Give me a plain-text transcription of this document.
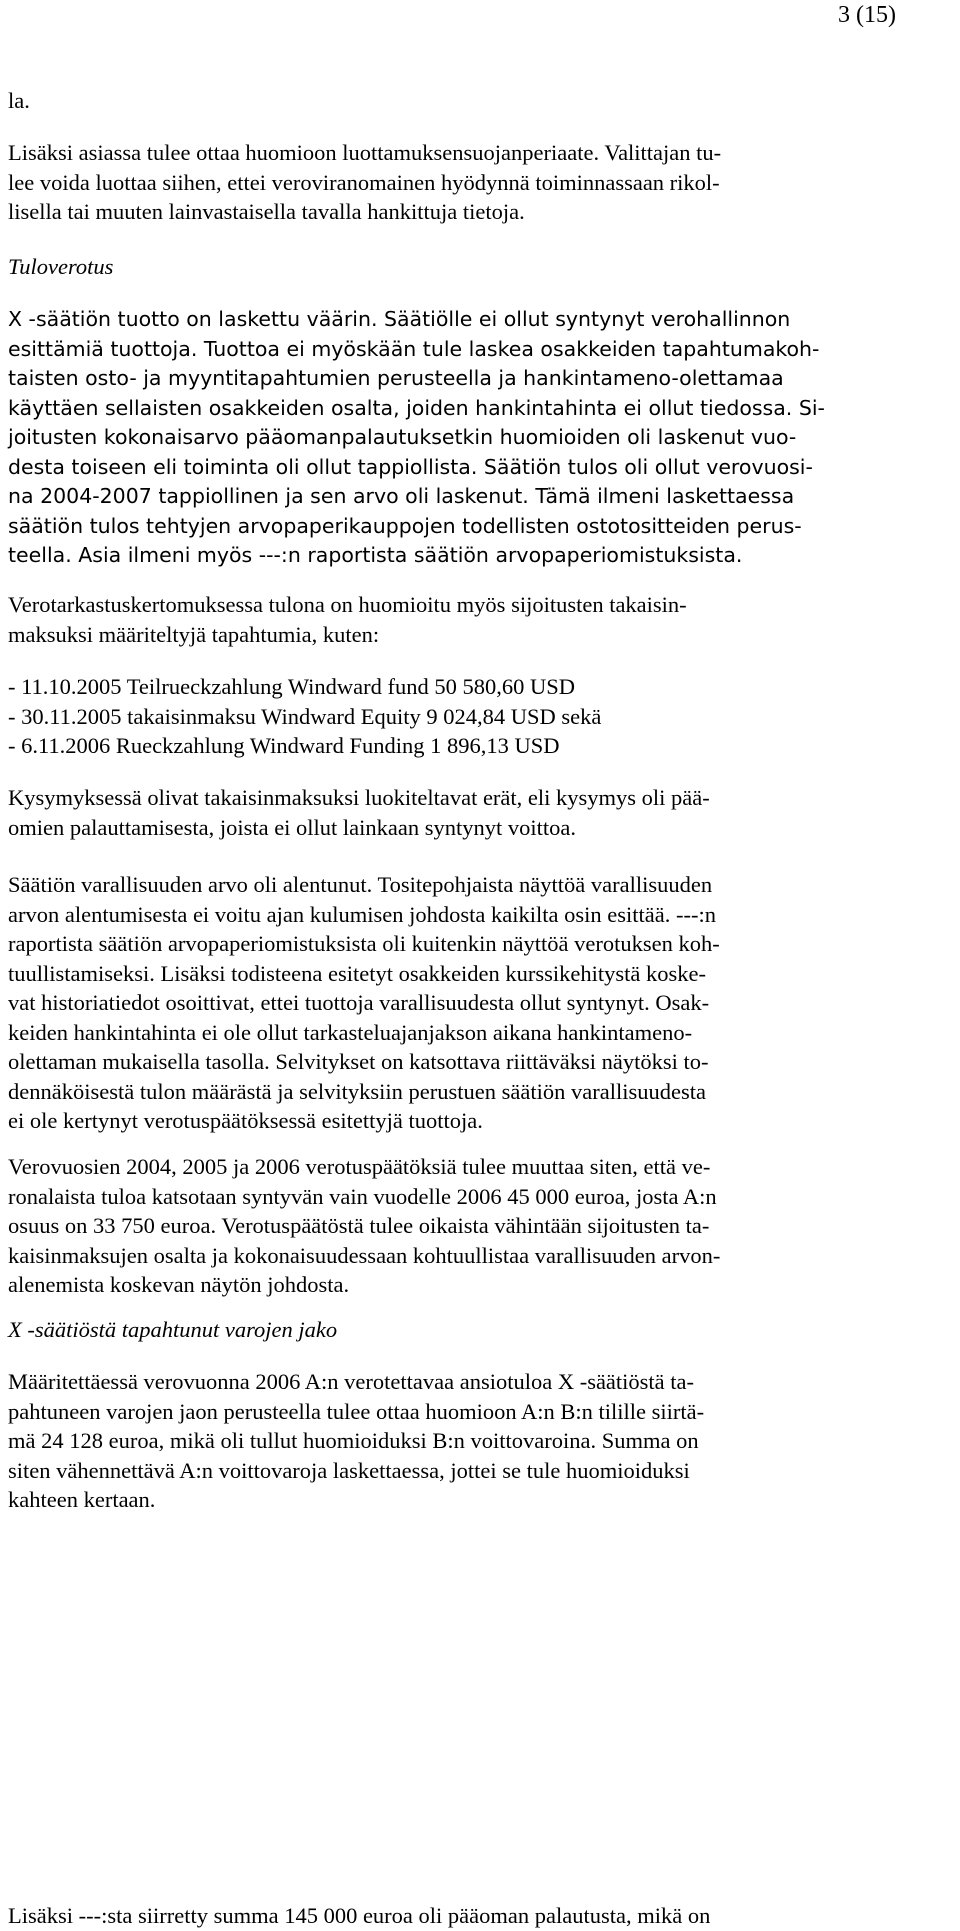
3 (15)
la.
Lisäksi asiassa tulee ottaa huomioon luottamuksensuojanperiaate. Valittajan tu-
lee voida luottaa siihen, ettei veroviranomainen hyödynnä toiminnassaan rikol-
lisella tai muuten lainvastaisella tavalla hankittuja tietoja.
Tuloverotus
X -säätiön tuotto on laskettu väärin. Säätiölle ei ollut syntynyt verohallinnon
esittämiä tuottoja. Tuottoa ei myöskään tule laskea osakkeiden tapahtumakoh-
taisten osto- ja myyntitapahtumien perusteella ja hankintameno-olettamaa
käyttäen sellaisten osakkeiden osalta, joiden hankintahinta ei ollut tiedossa. Si-
joitusten kokonaisarvo pääomanpalautuksetkin huomioiden oli laskenut vuo-
desta toiseen eli toiminta oli ollut tappiollista. Säätiön tulos oli ollut verovuosi-
na 2004-2007 tappiollinen ja sen arvo oli laskenut. Tämä ilmeni laskettaessa
säätiön tulos tehtyjen arvopaperikauppojen todellisten ostotositteiden perus-
teella. Asia ilmeni myös ---:n raportista säätiön arvopaperiomistuksista.
Verotarkastuskertomuksessa tulona on huomioitu myös sijoitusten takaisin-
maksuksi määriteltyjä tapahtumia, kuten:
- 11.10.2005 Teilrueckzahlung Windward fund 50 580,60 USD
- 30.11.2005 takaisinmaksu Windward Equity 9 024,84 USD sekä
- 6.11.2006 Rueckzahlung Windward Funding 1 896,13 USD
Kysymyksessä olivat takaisinmaksuksi luokiteltavat erät, eli kysymys oli pää-
omien palauttamisesta, joista ei ollut lainkaan syntynyt voittoa.
Säätiön varallisuuden arvo oli alentunut. Tositepohjaista näyttöä varallisuuden
arvon alentumisesta ei voitu ajan kulumisen johdosta kaikilta osin esittää. ---:n
raportista säätiön arvopaperiomistuksista oli kuitenkin näyttöä verotuksen koh-
tuullistamiseksi. Lisäksi todisteena esitetyt osakkeiden kurssikehitystä koske-
vat historiatiedot osoittivat, ettei tuottoja varallisuudesta ollut syntynyt. Osak-
keiden hankintahinta ei ole ollut tarkasteluajanjakson aikana hankintameno-
olettaman mukaisella tasolla. Selvitykset on katsottava riittäväksi näytöksi to-
dennäköisestä tulon määrästä ja selvityksiin perustuen säätiön varallisuudesta
ei ole kertynyt verotuspäätöksessä esitettyjä tuottoja.
Verovuosien 2004, 2005 ja 2006 verotuspäätöksiä tulee muuttaa siten, että ve-
ronalaista tuloa katsotaan syntyvän vain vuodelle 2006 45 000 euroa, josta A:n
osuus on 33 750 euroa. Verotuspäätöstä tulee oikaista vähintään sijoitusten ta-
kaisinmaksujen osalta ja kokonaisuudessaan kohtuullistaa varallisuuden arvon-
alenemista koskevan näytön johdosta.
X -säätiöstä tapahtunut varojen jako
Määritettäessä verovuonna 2006 A:n verotettavaa ansiotuloa X -säätiöstä ta-
pahtuneen varojen jaon perusteella tulee ottaa huomioon A:n B:n tilille siirtä-
mä 24 128 euroa, mikä oli tullut huomioiduksi B:n voittovaroina. Summa on
siten vähennettävä A:n voittovaroja laskettaessa, jottei se tule huomioiduksi
kahteen kertaan.
Lisäksi ---:sta siirretty summa 145 000 euroa oli pääoman palautusta, mikä on
